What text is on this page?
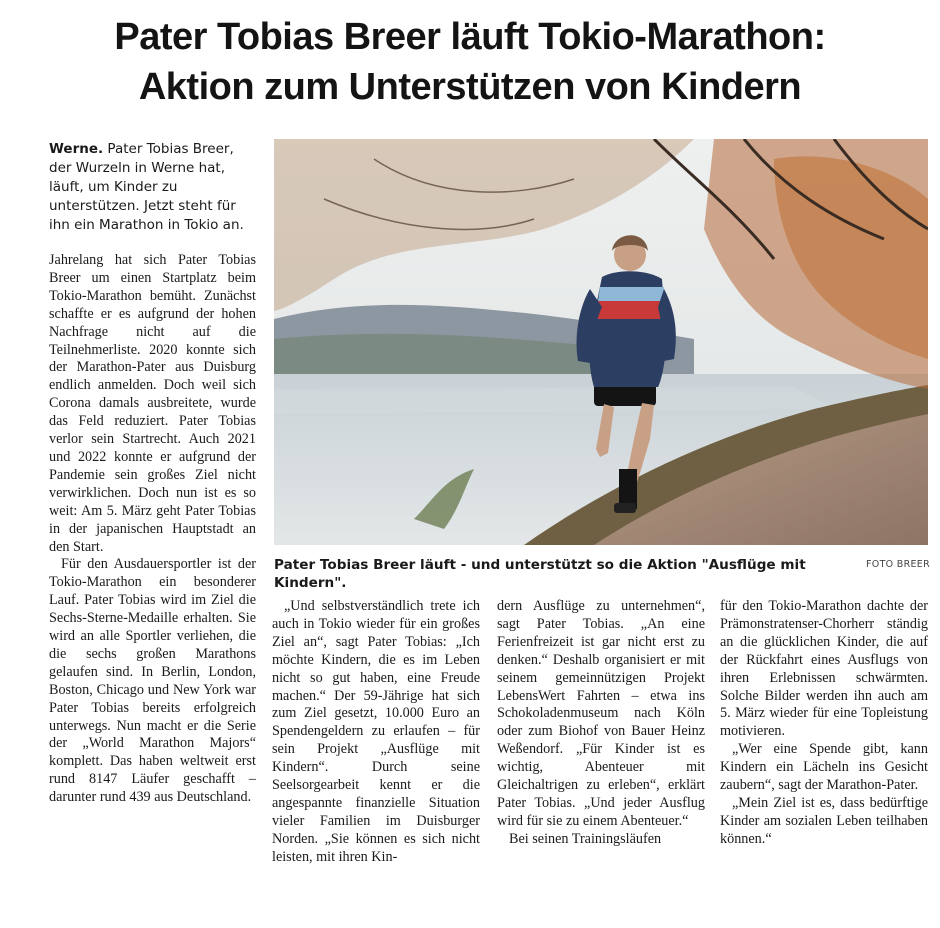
Pater Tobias Breer läuft Tokio-Marathon:
Aktion zum Unterstützen von Kindern
Werne. Pater Tobias Breer, der Wurzeln in Werne hat, läuft, um Kinder zu unterstützen. Jetzt steht für ihn ein Marathon in Tokio an.

Jahrelang hat sich Pater Tobias Breer um einen Startplatz beim Tokio-Marathon bemüht. Zunächst schaffte er es aufgrund der hohen Nachfrage nicht auf die Teilnehmerliste. 2020 konnte sich der Marathon-Pater aus Duisburg endlich anmelden. Doch weil sich Corona damals ausbreitete, wurde das Feld reduziert. Pater Tobias verlor sein Startrecht. Auch 2021 und 2022 konnte er aufgrund der Pandemie sein großes Ziel nicht verwirklichen. Doch nun ist es so weit: Am 5. März geht Pater Tobias in der japanischen Hauptstadt an den Start.

Für den Ausdauersportler ist der Tokio-Marathon ein besonderer Lauf. Pater Tobias wird im Ziel die Sechs-Sterne-Medaille erhalten. Sie wird an alle Sportler verliehen, die die sechs großen Marathons gelaufen sind. In Berlin, London, Boston, Chicago und New York war Pater Tobias bereits erfolgreich unterwegs. Nun macht er die Serie der „World Marathon Majors“ komplett. Das haben weltweit erst rund 8147 Läufer geschafft – darunter rund 439 aus Deutschland.

Pater Tobias Breer läuft - und unterstützt so die Aktion "Ausflüge mit Kindern".
FOTO BREER

„Und selbstverständlich trete ich auch in Tokio wieder für ein großes Ziel an“, sagt Pater Tobias: „Ich möchte Kindern, die es im Leben nicht so gut haben, eine Freude machen.“ Der 59-Jährige hat sich zum Ziel gesetzt, 10.000 Euro an Spendengeldern zu erlaufen – für sein Projekt „Ausflüge mit Kindern“. Durch seine Seelsorgearbeit kennt er die angespannte finanzielle Situation vieler Familien im Duisburger Norden. „Sie können es sich nicht leisten, mit ihren Kin-

dern Ausflüge zu unternehmen“, sagt Pater Tobias. „An eine Ferienfreizeit ist gar nicht erst zu denken.“ Deshalb organisiert er mit seinem gemeinnützigen Projekt LebensWert Fahrten – etwa ins Schokoladenmuseum nach Köln oder zum Biohof von Bauer Heinz Weßendorf. „Für Kinder ist es wichtig, Abenteuer mit Gleichaltrigen zu erleben“, erklärt Pater Tobias. „Und jeder Ausflug wird für sie zu einem Abenteuer.“

Bei seinen Trainingsläufen

für den Tokio-Marathon dachte der Prämonstratenser-Chorherr ständig an die glücklichen Kinder, die auf der Rückfahrt eines Ausflugs von ihren Erlebnissen schwärmten. Solche Bilder werden ihn auch am 5. März wieder für eine Topleistung motivieren.

„Wer eine Spende gibt, kann Kindern ein Lächeln ins Gesicht zaubern“, sagt der Marathon-Pater.

„Mein Ziel ist es, dass bedürftige Kinder am sozialen Leben teilhaben können.“
